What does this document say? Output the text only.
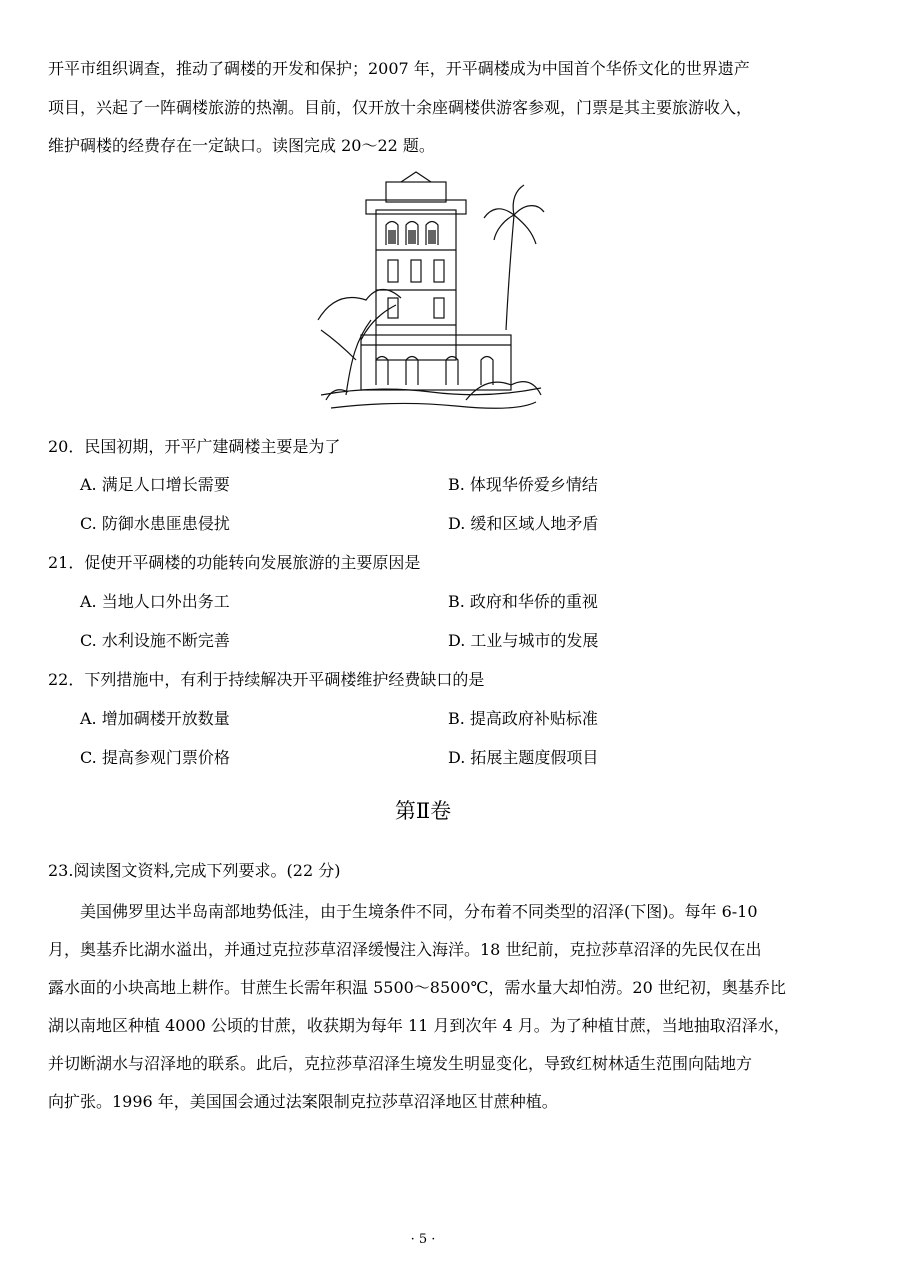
开平市组织调查，推动了碉楼的开发和保护；2007 年，开平碉楼成为中国首个华侨文化的世界遗产
项目，兴起了一阵碉楼旅游的热潮。目前，仅开放十余座碉楼供游客参观，门票是其主要旅游收入，
维护碉楼的经费存在一定缺口。读图完成 20～22 题。
20．民国初期，开平广建碉楼主要是为了
A. 满足人口增长需要	B. 体现华侨爱乡情结
C. 防御水患匪患侵扰	D. 缓和区域人地矛盾
21．促使开平碉楼的功能转向发展旅游的主要原因是
A. 当地人口外出务工	B. 政府和华侨的重视
C. 水利设施不断完善	D. 工业与城市的发展
22．下列措施中，有利于持续解决开平碉楼维护经费缺口的是
A. 增加碉楼开放数量	B. 提高政府补贴标准
C. 提高参观门票价格	D. 拓展主题度假项目
第Ⅱ卷
23.阅读图文资料,完成下列要求。(22 分)
美国佛罗里达半岛南部地势低洼，由于生境条件不同，分布着不同类型的沼泽(下图)。每年 6-10
月，奥基乔比湖水溢出，并通过克拉莎草沼泽缓慢注入海洋。18 世纪前，克拉莎草沼泽的先民仅在出
露水面的小块高地上耕作。甘蔗生长需年积温 5500～8500℃，需水量大却怕涝。20 世纪初，奥基乔比
湖以南地区种植 4000 公顷的甘蔗，收获期为每年 11 月到次年 4 月。为了种植甘蔗，当地抽取沼泽水，
并切断湖水与沼泽地的联系。此后，克拉莎草沼泽生境发生明显变化，导致红树林适生范围向陆地方
向扩张。1996 年，美国国会通过法案限制克拉莎草沼泽地区甘蔗种植。
· 5 ·
